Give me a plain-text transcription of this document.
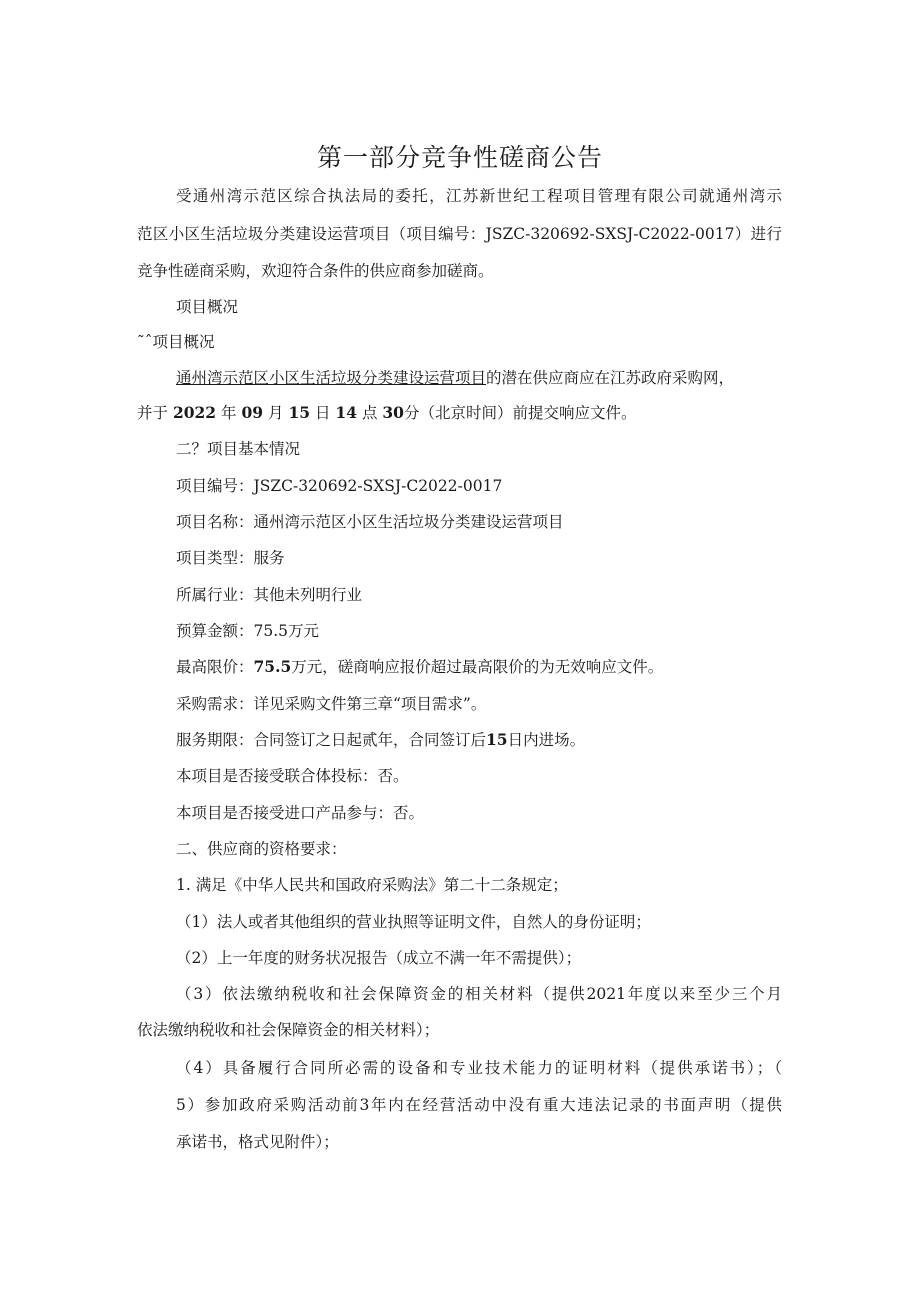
第一部分竞争性磋商公告
受通州湾示范区综合执法局的委托，江苏新世纪工程项目管理有限公司就通州湾示
范区小区生活垃圾分类建设运营项目（项目编号：JSZC-320692-SXSJ-C2022-0017）进行
竞争性磋商采购，欢迎符合条件的供应商参加磋商。
项目概况
˜ˆ项目概况
通州湾示范区小区生活垃圾分类建设运营项目的潜在供应商应在江苏政府采购网，
并于 2022 年 09 月 15 日 14 点 30分（北京时间）前提交响应文件。
二？项目基本情况
项目编号：JSZC-320692-SXSJ-C2022-0017
项目名称：通州湾示范区小区生活垃圾分类建设运营项目
项目类型：服务
所属行业：其他未列明行业
预算金额：75.5万元
最高限价：75.5万元，磋商响应报价超过最高限价的为无效响应文件。
采购需求：详见采购文件第三章“项目需求”。
服务期限：合同签订之日起贰年，合同签订后15日内进场。
本项目是否接受联合体投标：否。
本项目是否接受进口产品参与：否。
二、供应商的资格要求：
1. 满足《中华人民共和国政府采购法》第二十二条规定；
（1）法人或者其他组织的营业执照等证明文件，自然人的身份证明；
（2）上一年度的财务状况报告（成立不满一年不需提供）；
（3）依法缴纳税收和社会保障资金的相关材料（提供2021年度以来至少三个月
依法缴纳税收和社会保障资金的相关材料）；
（4）具备履行合同所必需的设备和专业技术能力的证明材料（提供承诺书）；（
5）参加政府采购活动前3年内在经营活动中没有重大违法记录的书面声明（提供
承诺书，格式见附件）；
